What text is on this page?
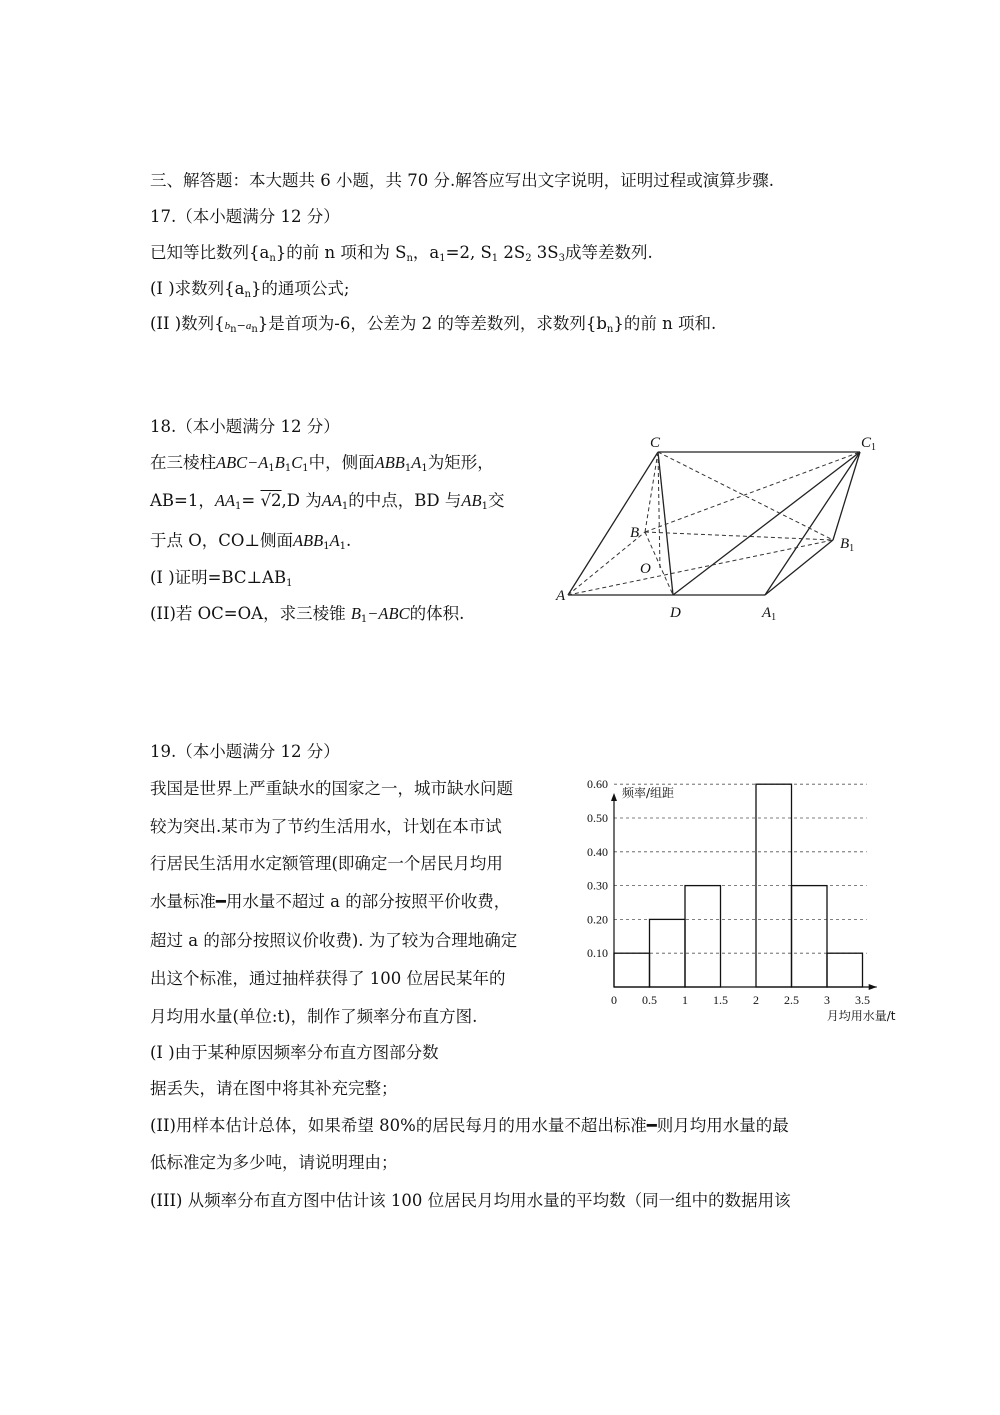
三、解答题：本大题共 6 小题，共 70 分.解答应写出文字说明，证明过程或演算步骤.
17.（本小题满分 12 分）
已知等比数列$\{a_n\}$的前 n 项和为 $S_n$，$a_1=2$, $S_1$ $2S_2$ $3S_3$成等差数列.
(I )求数列$\{a_n\}$的通项公式;
(II )数列$\{b_n-a_n\}$是首项为-6，公差为 2 的等差数列，求数列$\{b_n\}$的前 n 项和.
18.（本小题满分 12 分）
在三棱柱$ABC-A_1B_1C_1$中，侧面$ABB_1A_1$为矩形，
AB=1，$AA_1= √2,D$ 为$AA_1$的中点，BD 与$AB_1$交
于点 O，CO⊥侧面$ABB_1A_1$.
(I )证明$=BC\perp AB_1$
(II)若 OC=OA，求三棱锥 $B_1-ABC$的体积.
C	$C_1$
B
$B_1$
O
A
D	$A_1$
19.（本小题满分 12 分）
我国是世界上严重缺水的国家之一，城市缺水问题
较为突出.某市为了节约生活用水，计划在本市试
行居民生活用水定额管理(即确定一个居民月均用
水量标准━用水量不超过 a 的部分按照平价收费，
超过 a 的部分按照议价收费). 为了较为合理地确定
出这个标准，通过抽样获得了 100 位居民某年的
月均用水量(单位:t)，制作了频率分布直方图.
(I )由于某种原因频率分布直方图部分数
据丢失，请在图中将其补充完整；
(II)用样本估计总体，如果希望 80%的居民每月的用水量不超出标准━则月均用水量的最
低标准定为多少吨，请说明理由；
(III) 从频率分布直方图中估计该 100 位居民月均用水量的平均数（同一组中的数据用该
0.10
0.20
0.30
0.40
0.50
0.60
0 0.5 1 1.5 2 2.5 3 3.5
频率/组距
月均用水量/t
